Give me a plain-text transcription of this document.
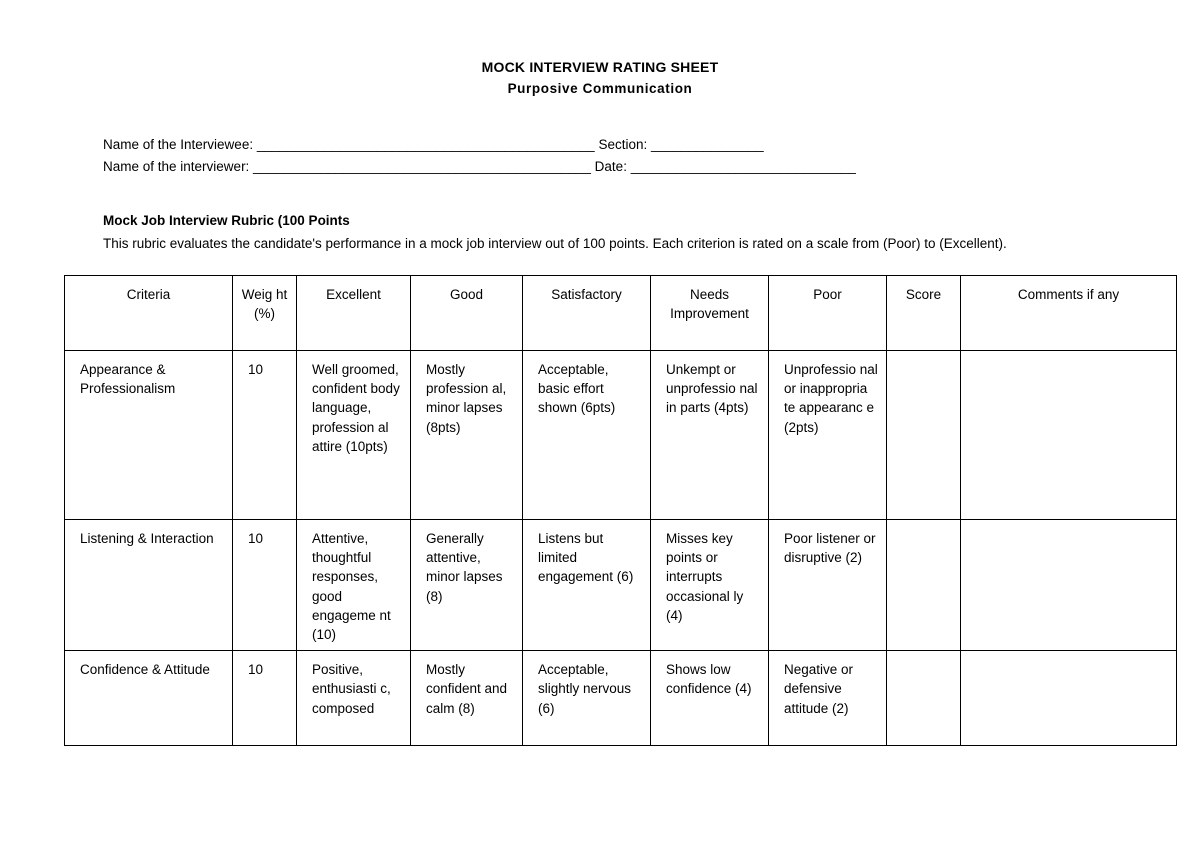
MOCK INTERVIEW RATING SHEET
Purposive Communication
Name of the Interviewee: _____________________________________________ Section: _______________
Name of the interviewer: _____________________________________________ Date: ______________________________
Mock Job Interview Rubric (100 Points
This rubric evaluates the candidate's performance in a mock job interview out of 100 points. Each criterion is rated on a scale from (Poor) to (Excellent).
Criteria	Weig ht (%)	Excellent	Good	Satisfactory	Needs Improvement	Poor	Score	Comments if any
Appearance & Professionalism	10	Well groomed, confident body language, profession al attire (10pts)	Mostly profession al, minor lapses (8pts)	Acceptable, basic effort shown (6pts)	Unkempt or unprofessio nal in parts (4pts)	Unprofessio nal or inappropria te appearanc e (2pts)		
Listening & Interaction	10	Attentive, thoughtful responses, good engageme nt (10)	Generally attentive, minor lapses (8)	Listens but limited engagement (6)	Misses key points or interrupts occasional ly (4)	Poor listener or disruptive (2)		
Confidence & Attitude	10	Positive, enthusiasti c, composed	Mostly confident and calm (8)	Acceptable, slightly nervous (6)	Shows low confidence (4)	Negative or defensive attitude (2)		
